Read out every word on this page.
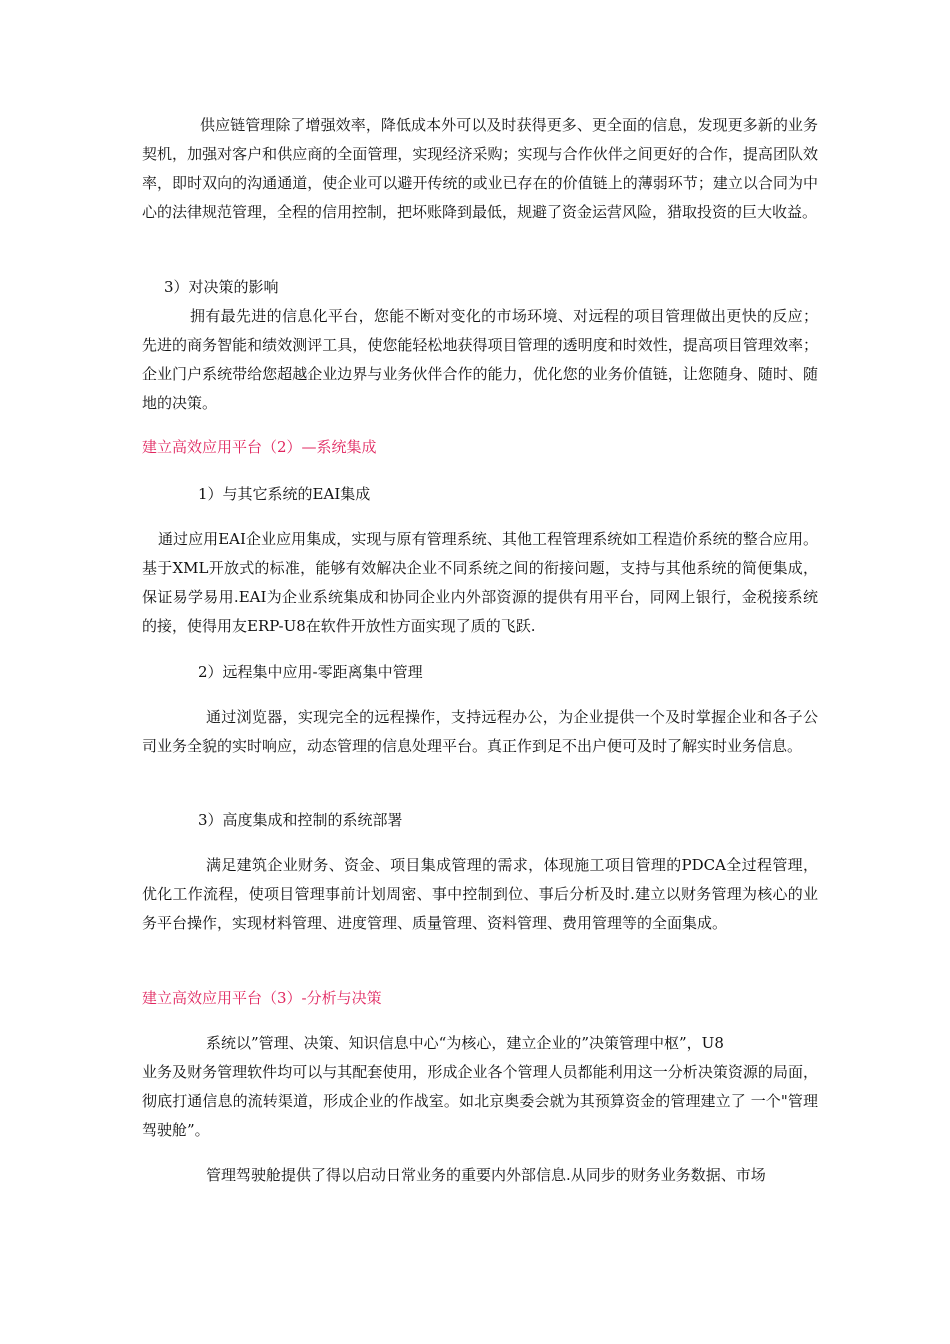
供应链管理除了增强效率，降低成本外可以及时获得更多、更全面的信息，发现更多新的业务契机，加强对客户和供应商的全面管理，实现经济采购；实现与合作伙伴之间更好的合作，提高团队效率，即时双向的沟通通道，使企业可以避开传统的或业已存在的价值链上的薄弱环节；建立以合同为中心的法律规范管理，全程的信用控制，把坏账降到最低，规避了资金运营风险，猎取投资的巨大收益。

3）对决策的影响

拥有最先进的信息化平台，您能不断对变化的市场环境、对远程的项目管理做出更快的反应；先进的商务智能和绩效测评工具，使您能轻松地获得项目管理的透明度和时效性，提高项目管理效率；企业门户系统带给您超越企业边界与业务伙伴合作的能力，优化您的业务价值链，让您随身、随时、随地的决策。

建立高效应用平台（2）—系统集成

1）与其它系统的EAI集成

通过应用EAI企业应用集成，实现与原有管理系统、其他工程管理系统如工程造价系统的整合应用。基于XML开放式的标准，能够有效解决企业不同系统之间的衔接问题，支持与其他系统的简便集成，保证易学易用.EAI为企业系统集成和协同企业内外部资源的提供有用平台，同网上银行，金税接系统的接，使得用友ERP-U8在软件开放性方面实现了质的飞跃.

2）远程集中应用-零距离集中管理

通过浏览器，实现完全的远程操作，支持远程办公，为企业提供一个及时掌握企业和各子公司业务全貌的实时响应，动态管理的信息处理平台。真正作到足不出户便可及时了解实时业务信息。

3）高度集成和控制的系统部署

满足建筑企业财务、资金、项目集成管理的需求，体现施工项目管理的PDCA全过程管理，优化工作流程，使项目管理事前计划周密、事中控制到位、事后分析及时.建立以财务管理为核心的业务平台操作，实现材料管理、进度管理、质量管理、资料管理、费用管理等的全面集成。

建立高效应用平台（3）-分析与决策

系统以”管理、决策、知识信息中心“为核心，建立企业的”决策管理中枢”，U8

业务及财务管理软件均可以与其配套使用，形成企业各个管理人员都能利用这一分析决策资源的局面，彻底打通信息的流转渠道，形成企业的作战室。如北京奥委会就为其预算资金的管理建立了 一个"管理驾驶舱”。

管理驾驶舱提供了得以启动日常业务的重要内外部信息.从同步的财务业务数据、市场
